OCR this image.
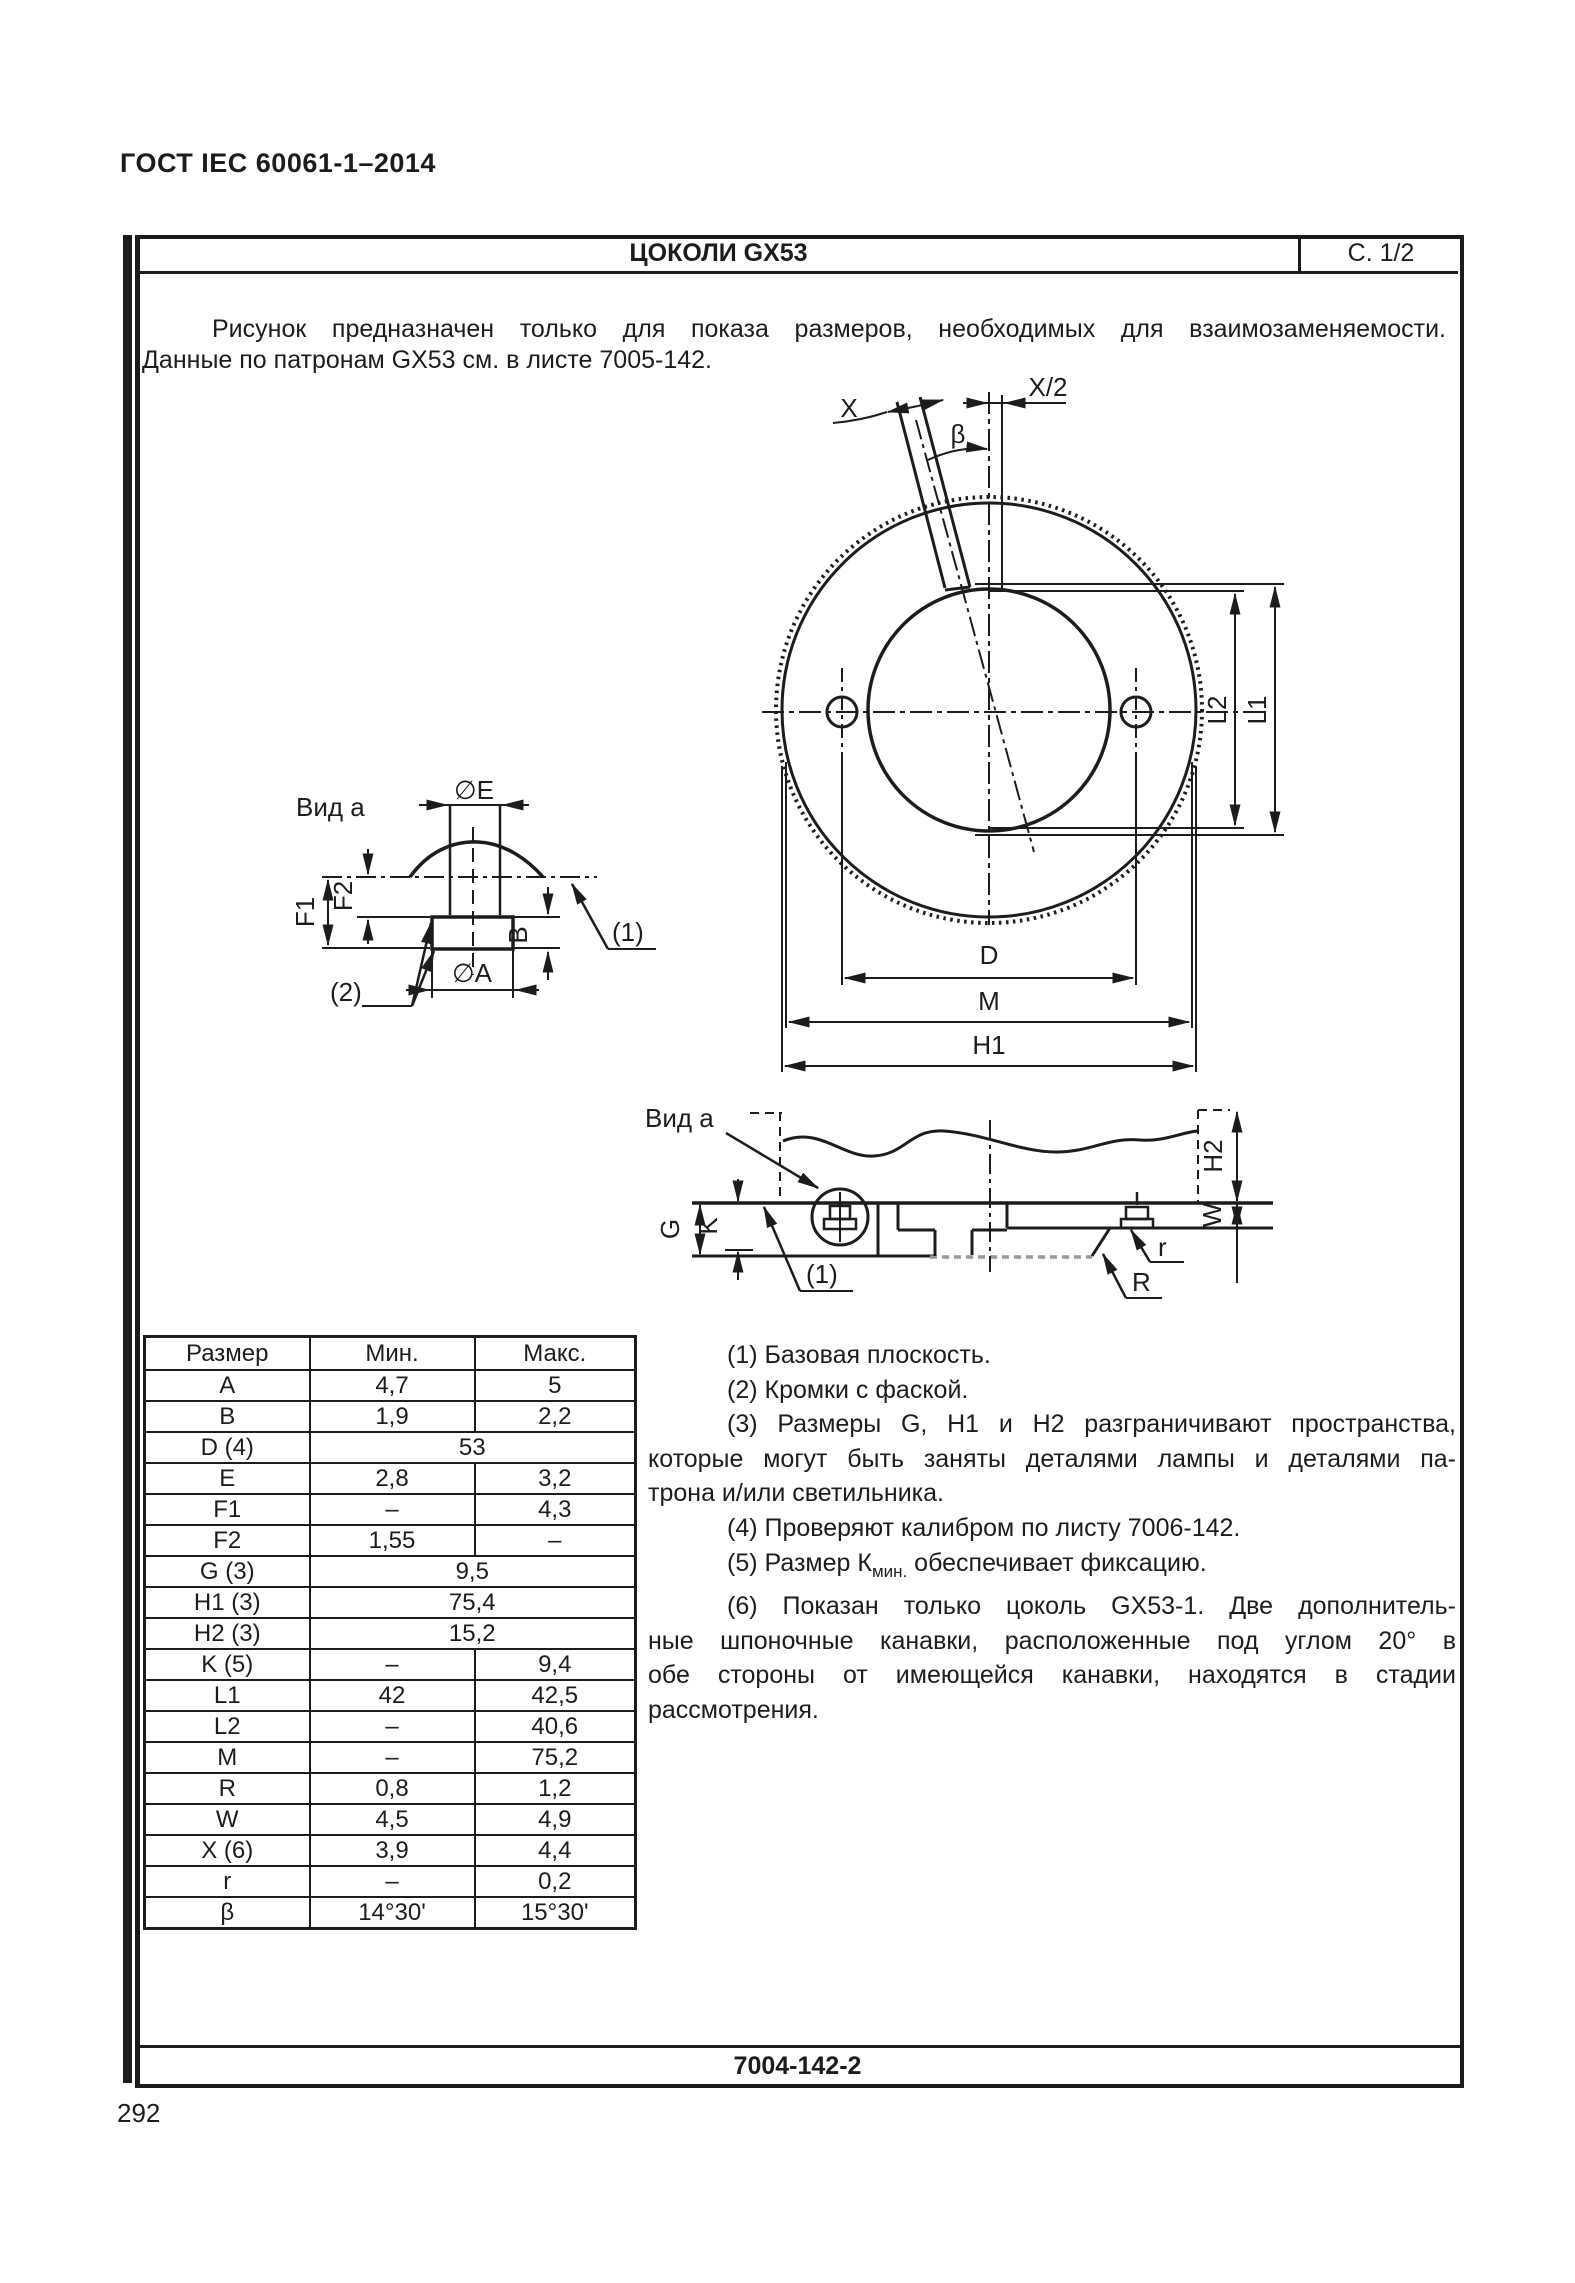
ГОСТ IEC 60061-1–2014
ЦОКОЛИ GX53	С. 1/2
Рисунок предназначен только для показа размеров, необходимых для взаимозаменяемости.
Данные по патронам GX53 см. в листе 7005-142.
X
X/2
β
L2 L1
D
M
H1
Вид а
∅E
F1
F2
B
∅A
(1)
(2)
Вид а
H2
W
G K
r
R
(1)
Размер	Мин.	Макс.
A	4,7	5
B	1,9	2,2
D (4)	53	
E	2,8	3,2
F1	–	4,3
F2	1,55	–
G (3)	9,5	
H1 (3)	75,4	
H2 (3)	15,2	
K (5)	–	9,4
L1	42	42,5
L2	–	40,6
M	–	75,2
R	0,8	1,2
W	4,5	4,9
X (6)	3,9	4,4
r	–	0,2
β	14°30'	15°30'

(1) Базовая плоскость.

(2) Кромки с фаской.

(3) Размеры G, H1 и H2 разграничивают пространства,

которые могут быть заняты деталями лампы и деталями па-

трона и/или светильника.

(4) Проверяют калибром по листу 7006-142.

(5) Размер $К_{мин.}$ обеспечивает фиксацию.

(6) Показан только цоколь GX53-1. Две дополнитель-

ные шпоночные канавки, расположенные под углом 20° в

обе стороны от имеющейся канавки, находятся в стадии

рассмотрения.

7004-142-2
292
